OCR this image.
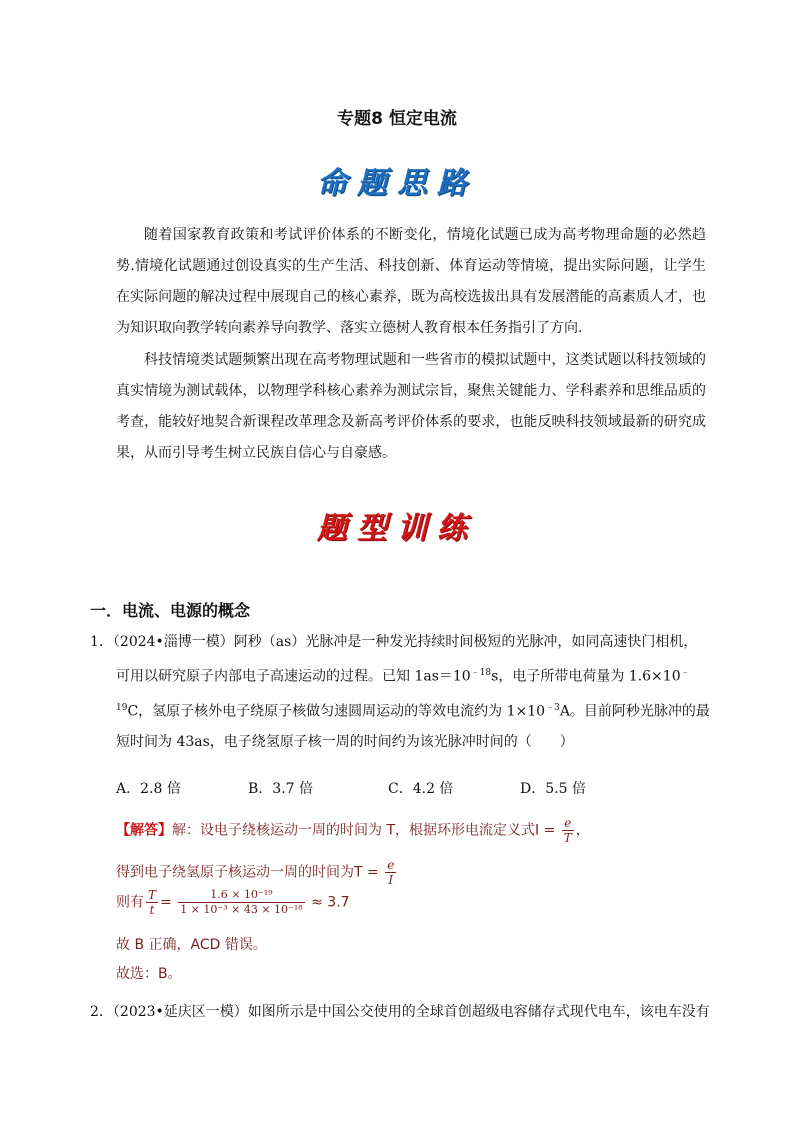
专题8 恒定电流
命题思路

随着国家教育政策和考试评价体系的不断变化，情境化试题已成为高考物理命题的必然趋势.情境化试题通过创设真实的生产生活、科技创新、体育运动等情境，提出实际问题，让学生在实际问题的解决过程中展现自己的核心素养，既为高校选拔出具有发展潜能的高素质人才，也为知识取向教学转向素养导向教学、落实立德树人教育根本任务指引了方向.

科技情境类试题频繁出现在高考物理试题和一些省市的模拟试题中，这类试题以科技领域的真实情境为测试载体，以物理学科核心素养为测试宗旨，聚焦关键能力、学科素养和思维品质的考查，能较好地契合新课程改革理念及新高考评价体系的要求，也能反映科技领域最新的研究成果，从而引导考生树立民族自信心与自豪感。

题型训练
一．电流、电源的概念

1．（2024•淄博一模）阿秒（as）光脉冲是一种发光持续时间极短的光脉冲，如同高速快门相机，可用以研究原子内部电子高速运动的过程。已知 $1as=10^{﹣18}s$，电子所带电荷量为 $1.6\times 10^{﹣19}C$，氢原子核外电子绕原子核做匀速圆周运动的等效电流约为 $1\times 10^{﹣3}A$。目前阿秒光脉冲的最短时间为 43as，电子绕氢原子核一周的时间约为该光脉冲时间的（　　）

A．2.8 倍	B．3.7 倍	C．4.2 倍	D．5.5 倍
【解答】解：设电子绕核运动一周的时间为 T，根据环形电流定义式$I = \frac{e}{T}$ ，
得到电子绕氢原子核运动一周的时间为$T = \frac{e}{I}$
则有 $\frac{T}{t} = \frac{\text{1.6 × 10⁻¹⁹}}{\text{1 × 10⁻³ × 43 × 10⁻¹⁸}} \approx 3.7$
故 B 正确，ACD 错误。
故选：B。

2．（2023•延庆区一模）如图所示是中国公交使用的全球首创超级电容储存式现代电车，该电车没有
